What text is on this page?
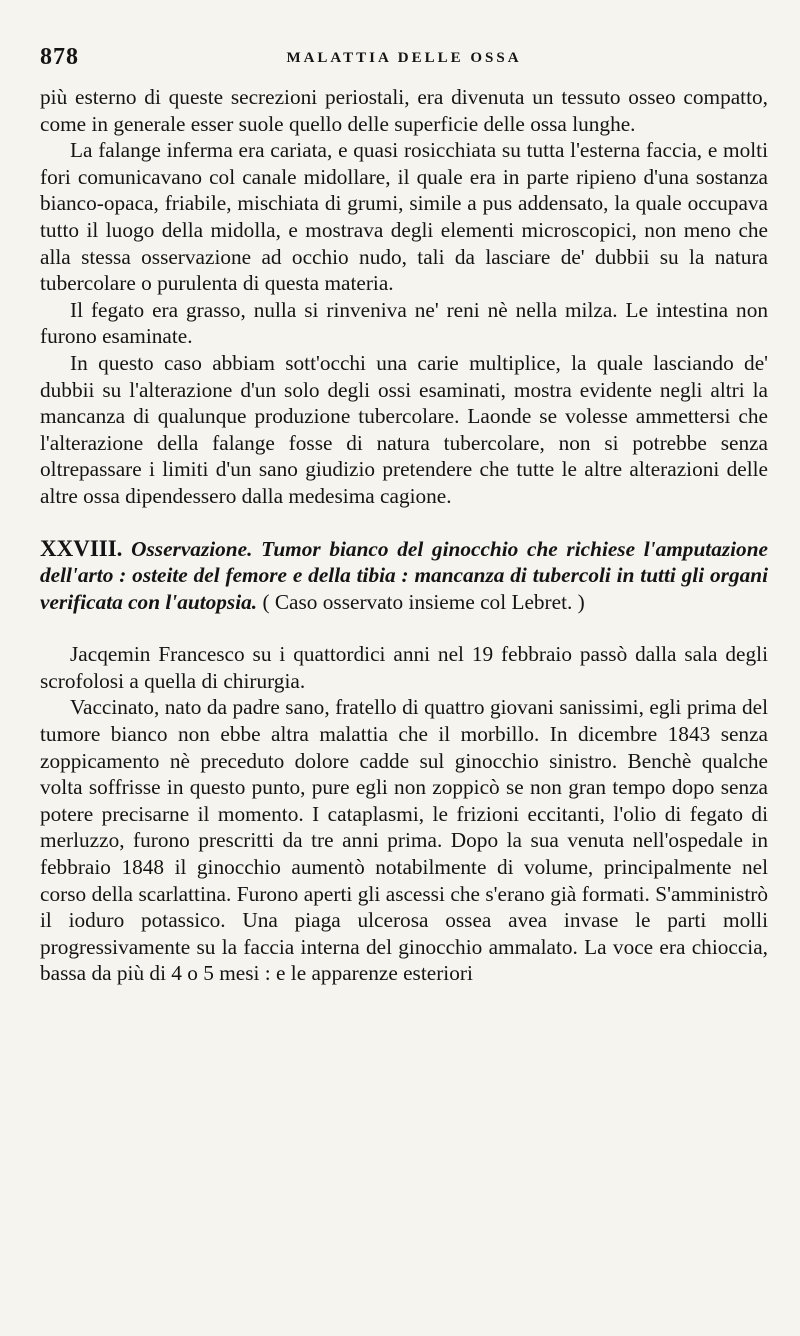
878	MALATTIA DELLE OSSA

più esterno di queste secrezioni periostali, era divenuta un tessuto osseo compatto, come in generale esser suole quello delle superficie delle ossa lunghe.

La falange inferma era cariata, e quasi rosicchiata su tutta l'esterna faccia, e molti fori comunicavano col canale midollare, il quale era in parte ripieno d'una sostanza bianco-opaca, friabile, mischiata di grumi, simile a pus addensato, la quale occupava tutto il luogo della midolla, e mostrava degli elementi microscopici, non meno che alla stessa osservazione ad occhio nudo, tali da lasciare de' dubbii su la natura tubercolare o purulenta di questa materia.

Il fegato era grasso, nulla si rinveniva ne' reni nè nella milza. Le intestina non furono esaminate.

In questo caso abbiam sott'occhi una carie multiplice, la quale lasciando de' dubbii su l'alterazione d'un solo degli ossi esaminati, mostra evidente negli altri la mancanza di qualunque produzione tubercolare. Laonde se volesse ammettersi che l'alterazione della falange fosse di natura tubercolare, non si potrebbe senza oltrepassare i limiti d'un sano giudizio pretendere che tutte le altre alterazioni delle altre ossa dipendessero dalla medesima cagione.

XXVIII. Osservazione. Tumor bianco del ginocchio che richiese l'amputazione dell'arto : osteite del femore e della tibia : mancanza di tubercoli in tutti gli organi verificata con l'autopsia. ( Caso osservato insieme col Lebret. )

Jacqemin Francesco su i quattordici anni nel 19 febbraio passò dalla sala degli scrofolosi a quella di chirurgia.

Vaccinato, nato da padre sano, fratello di quattro giovani sanissimi, egli prima del tumore bianco non ebbe altra malattia che il morbillo. In dicembre 1843 senza zoppicamento nè preceduto dolore cadde sul ginocchio sinistro. Benchè qualche volta soffrisse in questo punto, pure egli non zoppicò se non gran tempo dopo senza potere precisarne il momento. I cataplasmi, le frizioni eccitanti, l'olio di fegato di merluzzo, furono prescritti da tre anni prima. Dopo la sua venuta nell'ospedale in febbraio 1848 il ginocchio aumentò notabilmente di volume, principalmente nel corso della scarlattina. Furono aperti gli ascessi che s'erano già formati. S'amministrò il ioduro potassico. Una piaga ulcerosa ossea avea invase le parti molli progressivamente su la faccia interna del ginocchio ammalato. La voce era chioccia, bassa da più di 4 o 5 mesi : e le apparenze esteriori
